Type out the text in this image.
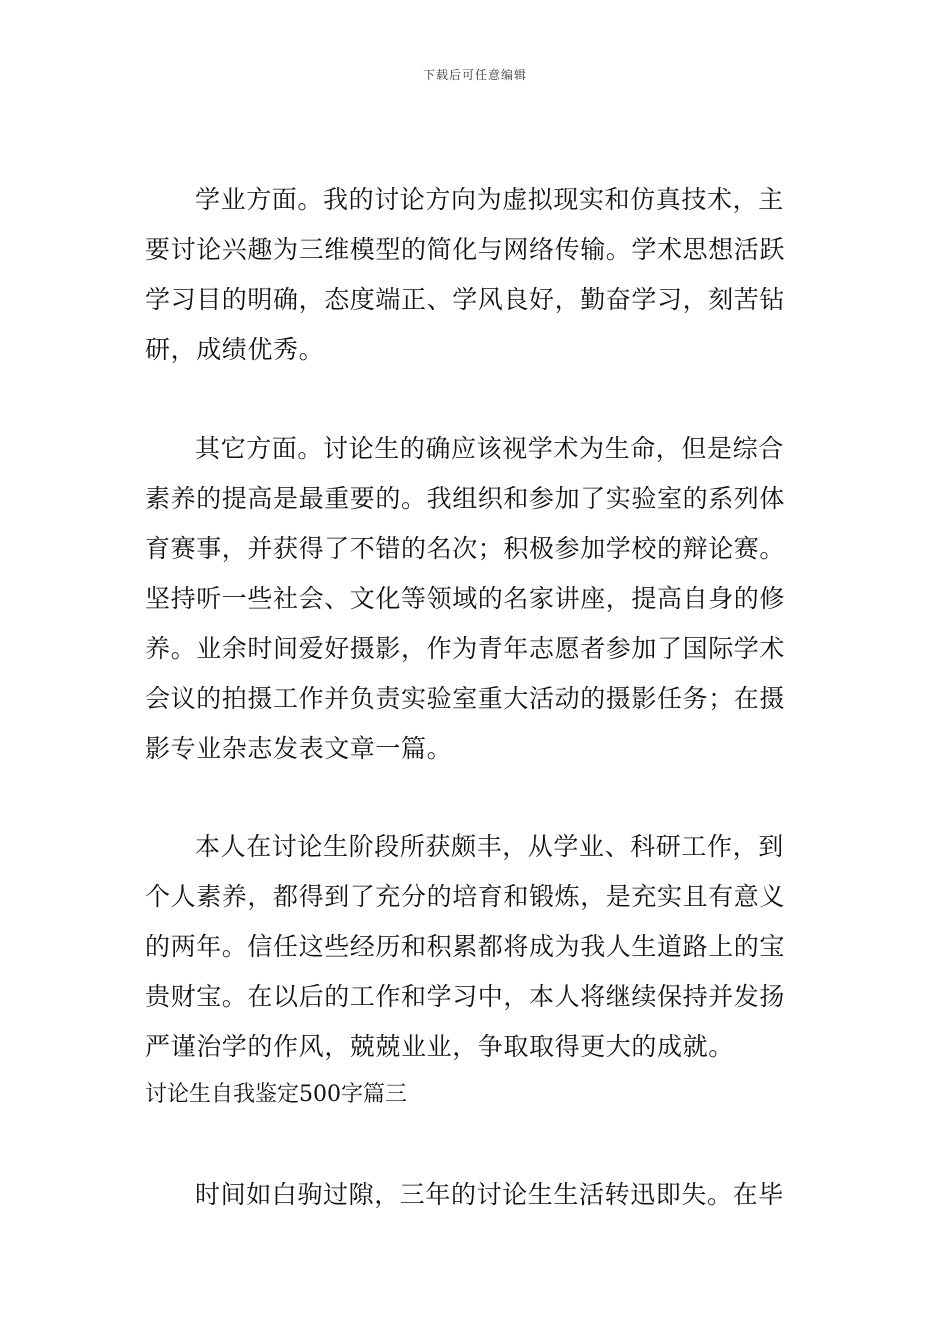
下载后可任意编辑
学业方面。我的讨论方向为虚拟现实和仿真技术，主
要讨论兴趣为三维模型的简化与网络传输。学术思想活跃
学习目的明确，态度端正、学风良好，勤奋学习，刻苦钻
研，成绩优秀。
其它方面。讨论生的确应该视学术为生命，但是综合
素养的提高是最重要的。我组织和参加了实验室的系列体
育赛事，并获得了不错的名次；积极参加学校的辩论赛。
坚持听一些社会、文化等领域的名家讲座，提高自身的修
养。业余时间爱好摄影，作为青年志愿者参加了国际学术
会议的拍摄工作并负责实验室重大活动的摄影任务；在摄
影专业杂志发表文章一篇。
本人在讨论生阶段所获颇丰，从学业、科研工作，到
个人素养，都得到了充分的培育和锻炼，是充实且有意义
的两年。信任这些经历和积累都将成为我人生道路上的宝
贵财宝。在以后的工作和学习中，本人将继续保持并发扬
严谨治学的作风，兢兢业业，争取取得更大的成就。
讨论生自我鉴定500字篇三
时间如白驹过隙，三年的讨论生生活转迅即失。在毕
